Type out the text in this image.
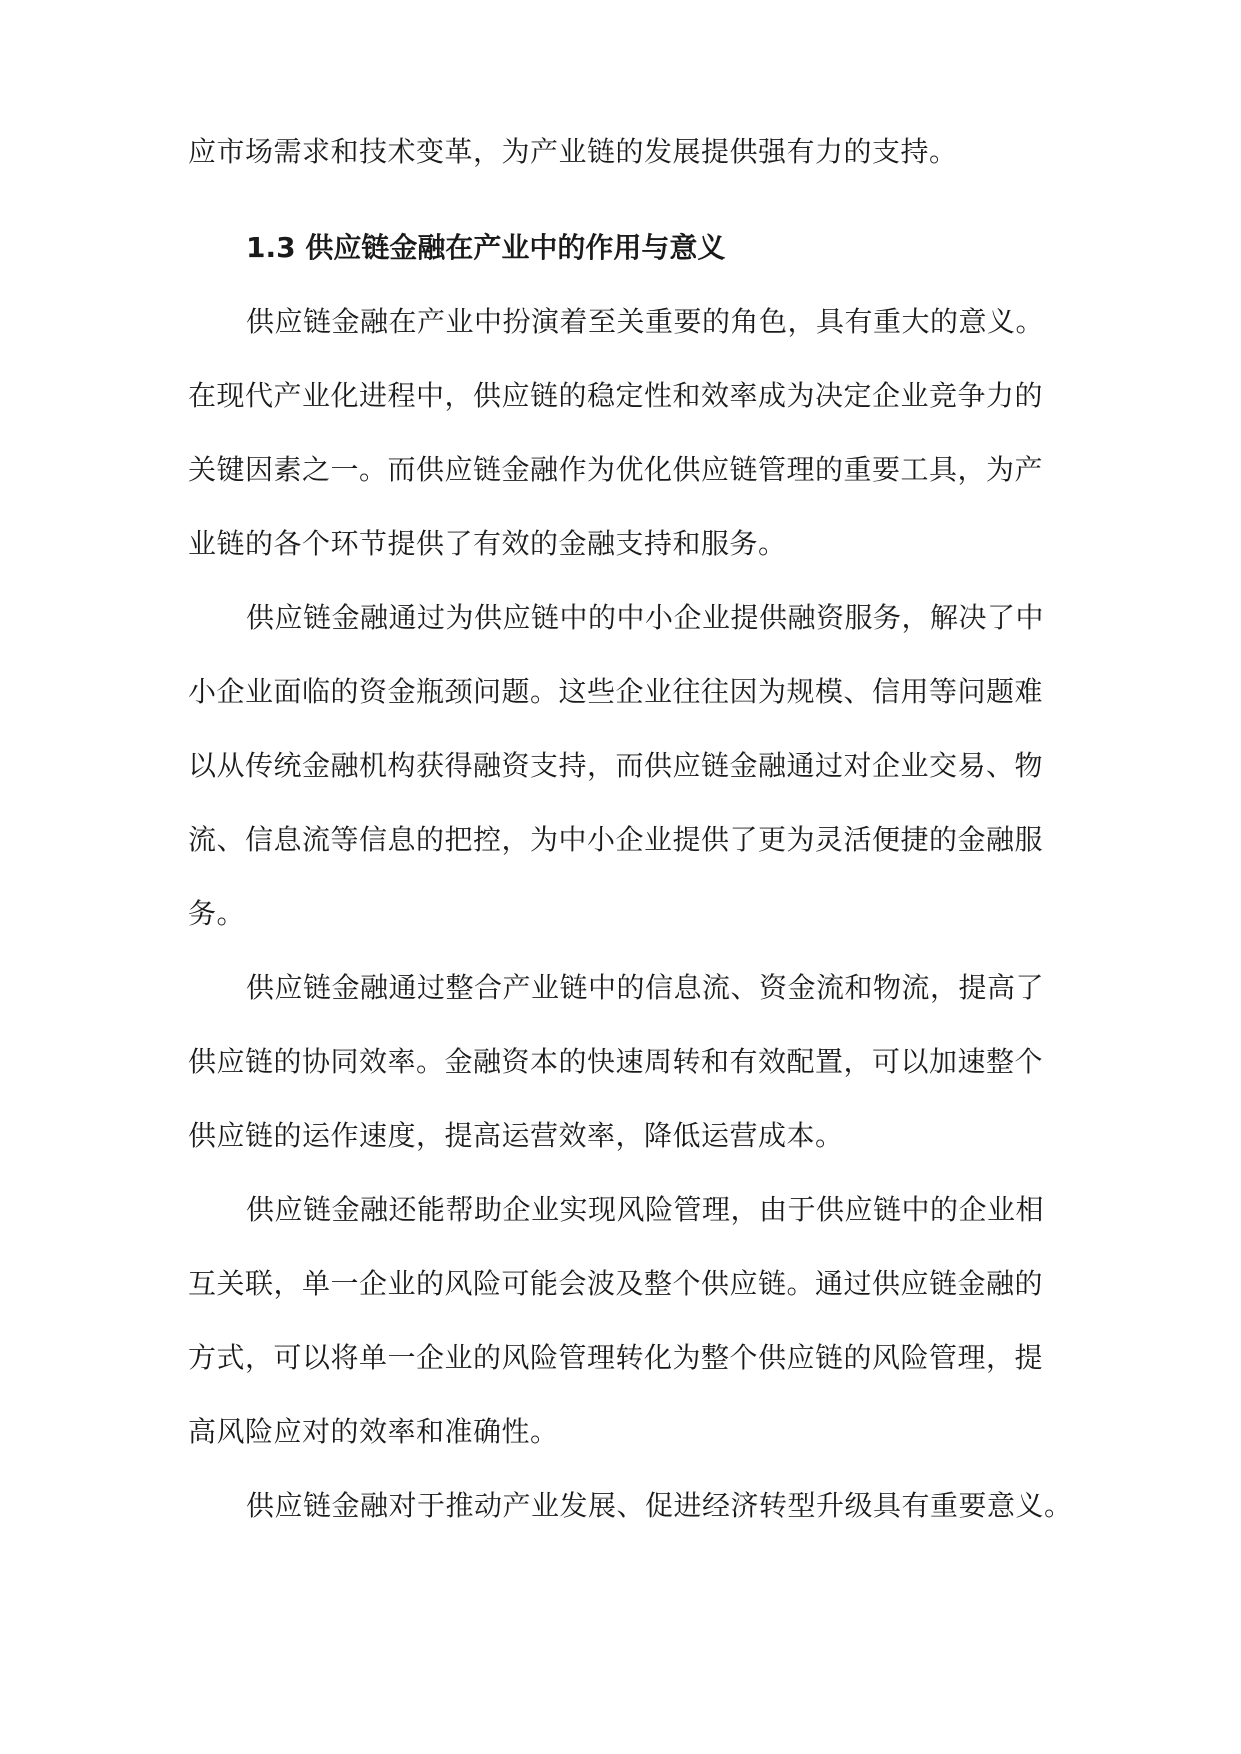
应市场需求和技术变革，为产业链的发展提供强有力的支持。
1.3 供应链金融在产业中的作用与意义
供应链金融在产业中扮演着至关重要的角色，具有重大的意义。
在现代产业化进程中，供应链的稳定性和效率成为决定企业竞争力的
关键因素之一。而供应链金融作为优化供应链管理的重要工具，为产
业链的各个环节提供了有效的金融支持和服务。
供应链金融通过为供应链中的中小企业提供融资服务，解决了中
小企业面临的资金瓶颈问题。这些企业往往因为规模、信用等问题难
以从传统金融机构获得融资支持，而供应链金融通过对企业交易、物
流、信息流等信息的把控，为中小企业提供了更为灵活便捷的金融服
务。
供应链金融通过整合产业链中的信息流、资金流和物流，提高了
供应链的协同效率。金融资本的快速周转和有效配置，可以加速整个
供应链的运作速度，提高运营效率，降低运营成本。
供应链金融还能帮助企业实现风险管理，由于供应链中的企业相
互关联，单一企业的风险可能会波及整个供应链。通过供应链金融的
方式，可以将单一企业的风险管理转化为整个供应链的风险管理，提
高风险应对的效率和准确性。
供应链金融对于推动产业发展、促进经济转型升级具有重要意义。
